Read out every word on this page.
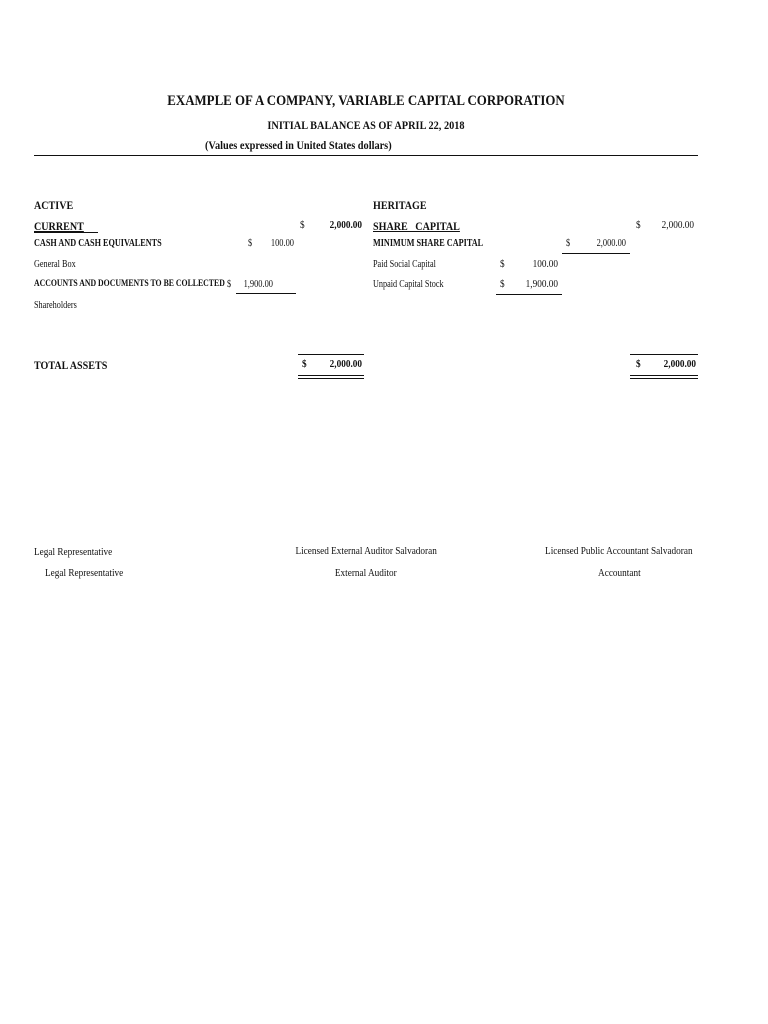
EXAMPLE OF A COMPANY, VARIABLE CAPITAL CORPORATION
INITIAL BALANCE AS OF APRIL 22, 2018
(Values expressed in United States dollars)
ACTIVE
CURRENT	$	2,000.00
CASH AND CASH EQUIVALENTS	$	100.00
General Box
ACCOUNTS AND DOCUMENTS TO BE COLLECTED $	1,900.00
Shareholders
HERITAGE
SHARE   CAPITAL	$	2,000.00
MINIMUM SHARE CAPITAL	$	2,000.00
Paid Social Capital	$	100.00
Unpaid Capital Stock	$	1,900.00
TOTAL ASSETS	$	2,000.00	$	2,000.00
Legal Representative
Legal Representative
Licensed External Auditor Salvadoran
External Auditor
Licensed Public Accountant Salvadoran
Accountant
